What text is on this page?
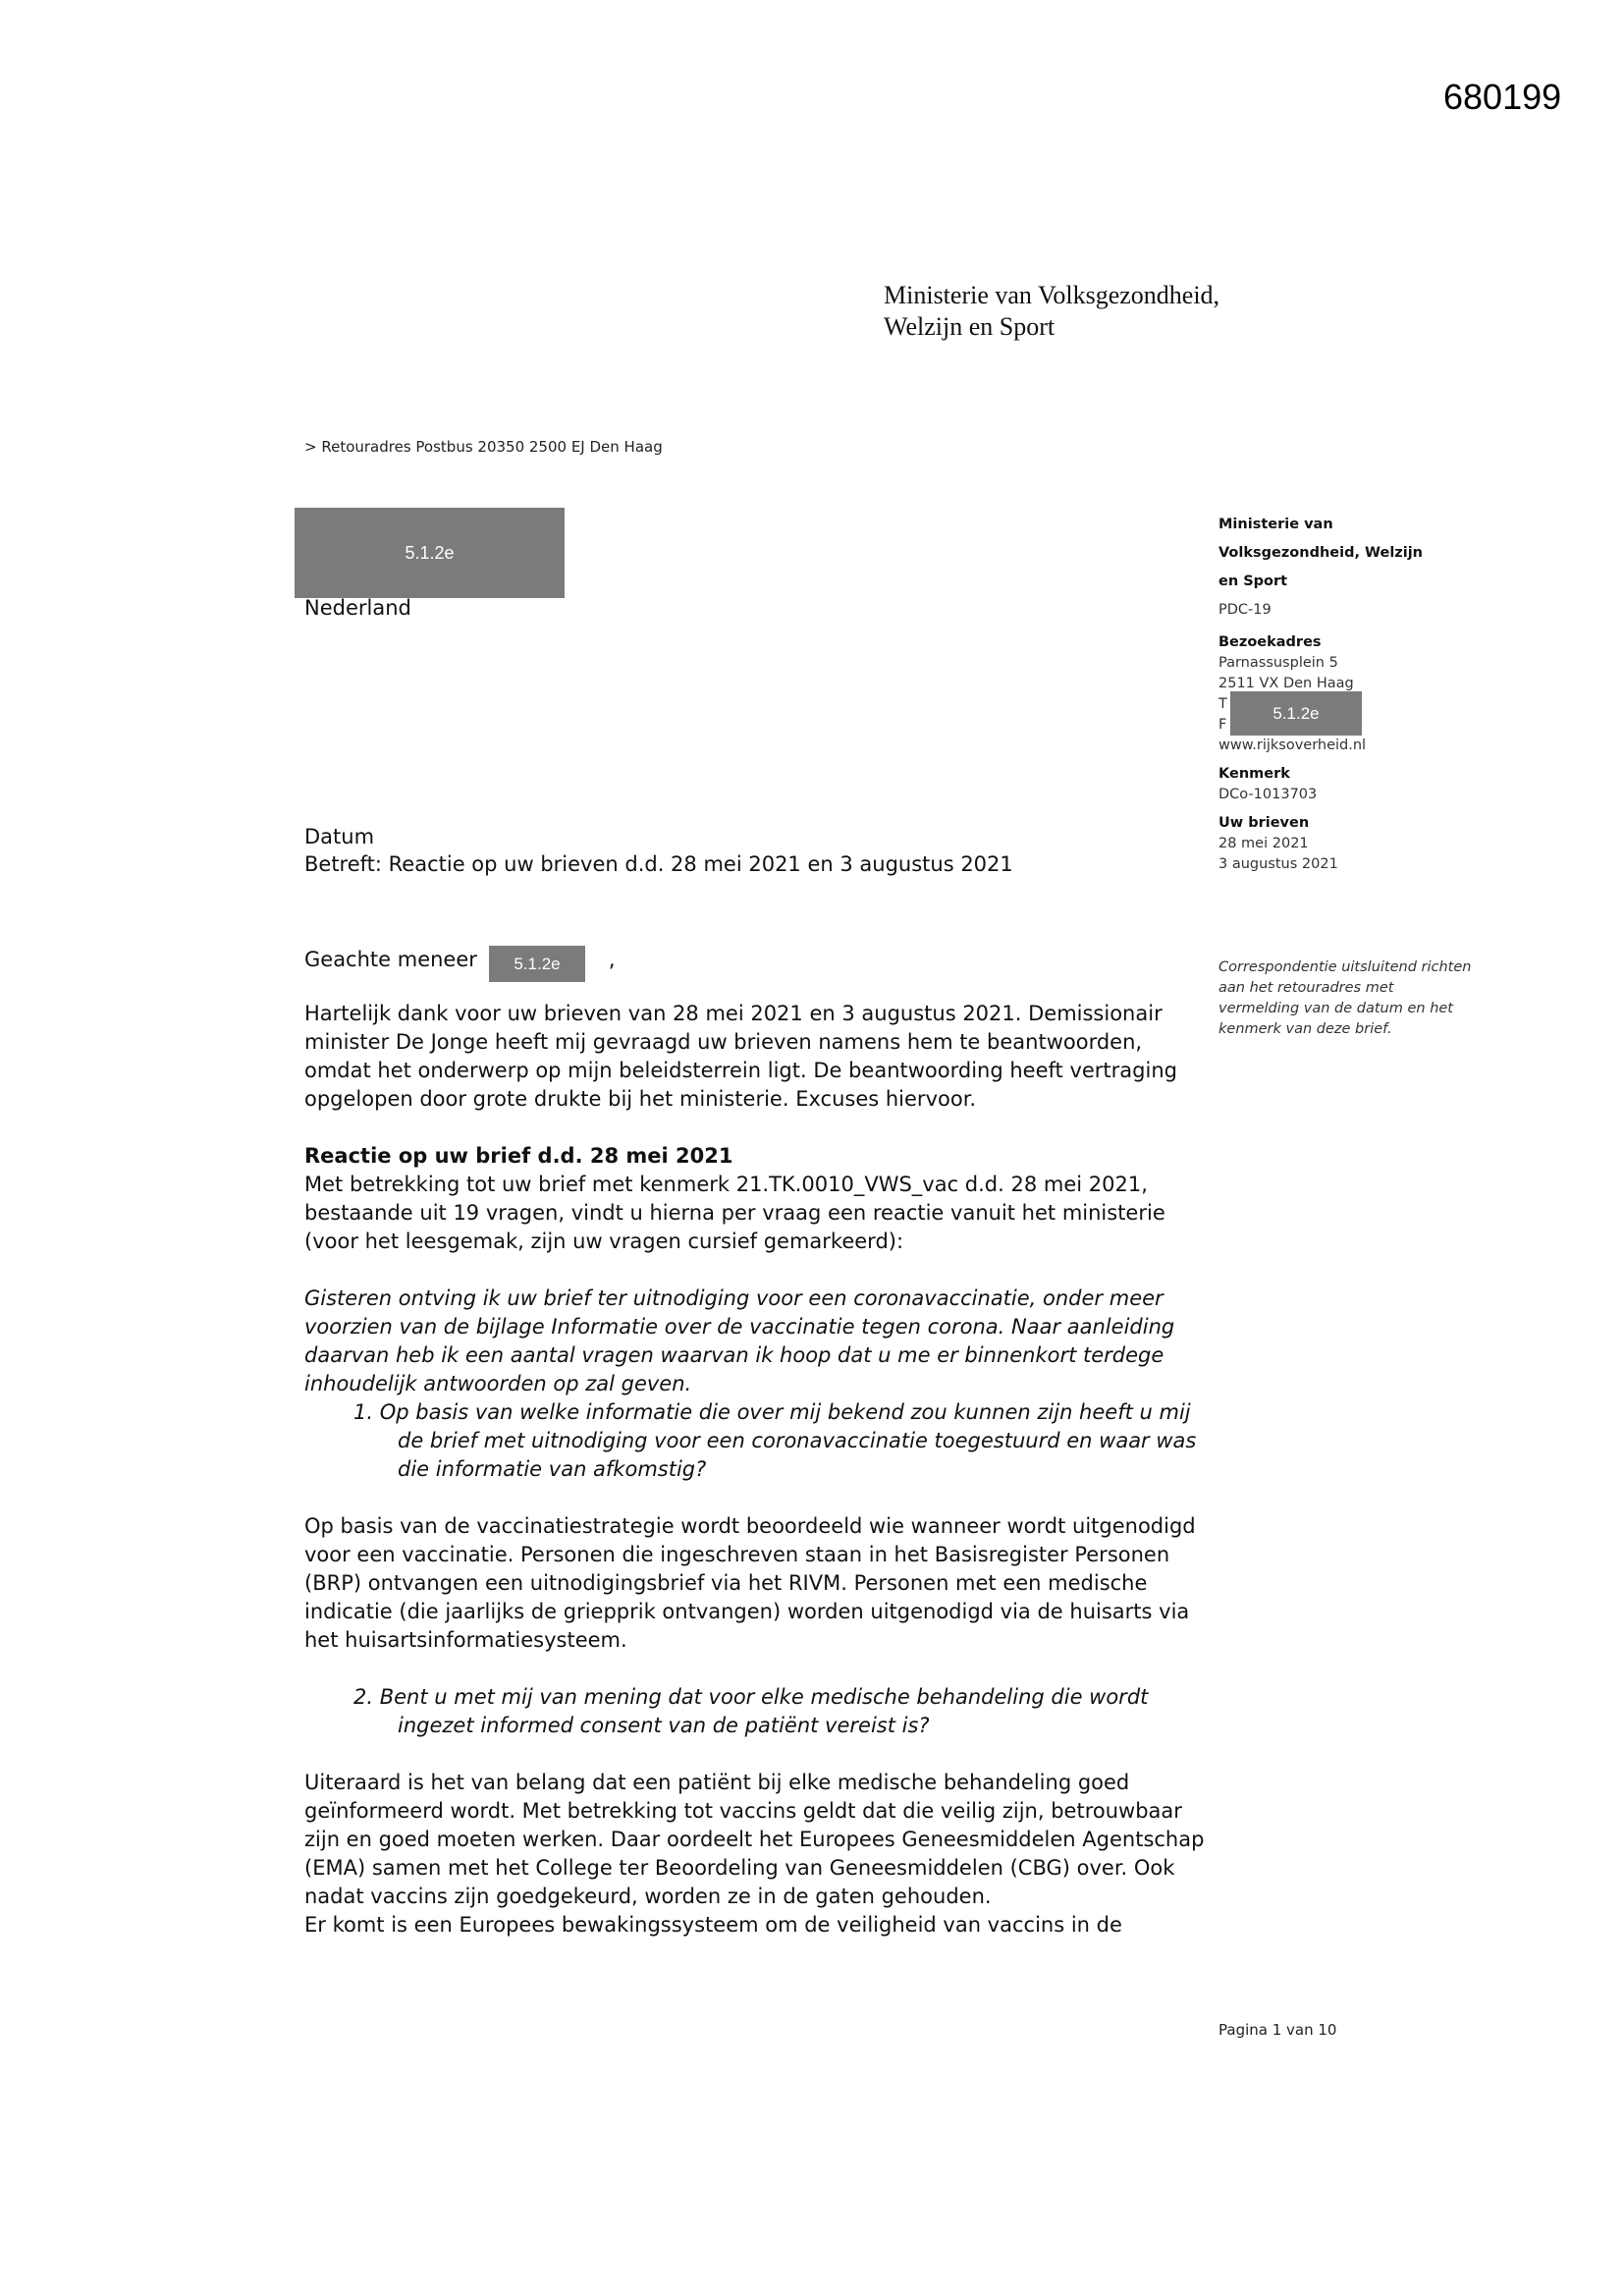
680199
Ministerie van Volksgezondheid,
Welzijn en Sport
> Retouradres Postbus 20350 2500 EJ Den Haag
5.1.2e
Nederland
Ministerie van
Volksgezondheid, Welzijn
en Sport
PDC-19
Bezoekadres
Parnassusplein 5
2511 VX Den Haag
T
F
www.rijksoverheid.nl
Kenmerk
DCo-1013703
Uw brieven
28 mei 2021
3 augustus 2021
5.1.2e
Correspondentie uitsluitend richten aan het retouradres met vermelding van de datum en het kenmerk van deze brief.
Datum
Betreft: Reactie op uw brieven d.d. 28 mei 2021 en 3 augustus 2021

Geachte meneer	,

Hartelijk dank voor uw brieven van 28 mei 2021 en 3 augustus 2021. Demissionair minister De Jonge heeft mij gevraagd uw brieven namens hem te beantwoorden, omdat het onderwerp op mijn beleidsterrein ligt. De beantwoording heeft vertraging opgelopen door grote drukte bij het ministerie. Excuses hiervoor.

Reactie op uw brief d.d. 28 mei 2021

Met betrekking tot uw brief met kenmerk 21.TK.0010_VWS_vac d.d. 28 mei 2021, bestaande uit 19 vragen, vindt u hierna per vraag een reactie vanuit het ministerie (voor het leesgemak, zijn uw vragen cursief gemarkeerd):

Gisteren ontving ik uw brief ter uitnodiging voor een coronavaccinatie, onder meer voorzien van de bijlage Informatie over de vaccinatie tegen corona. Naar aanleiding daarvan heb ik een aantal vragen waarvan ik hoop dat u me er binnenkort terdege inhoudelijk antwoorden op zal geven.

1. Op basis van welke informatie die over mij bekend zou kunnen zijn heeft u mij de brief met uitnodiging voor een coronavaccinatie toegestuurd en waar was die informatie van afkomstig?

Op basis van de vaccinatiestrategie wordt beoordeeld wie wanneer wordt uitgenodigd voor een vaccinatie. Personen die ingeschreven staan in het Basisregister Personen (BRP) ontvangen een uitnodigingsbrief via het RIVM. Personen met een medische indicatie (die jaarlijks de griepprik ontvangen) worden uitgenodigd via de huisarts via het huisartsinformatiesysteem.

2. Bent u met mij van mening dat voor elke medische behandeling die wordt ingezet informed consent van de patiënt vereist is?

Uiteraard is het van belang dat een patiënt bij elke medische behandeling goed geïnformeerd wordt. Met betrekking tot vaccins geldt dat die veilig zijn, betrouwbaar zijn en goed moeten werken. Daar oordeelt het Europees Geneesmiddelen Agentschap (EMA) samen met het College ter Beoordeling van Geneesmiddelen (CBG) over. Ook nadat vaccins zijn goedgekeurd, worden ze in de gaten gehouden.

Er komt is een Europees bewakingssysteem om de veiligheid van vaccins in de

5.1.2e
Pagina 1 van 10
